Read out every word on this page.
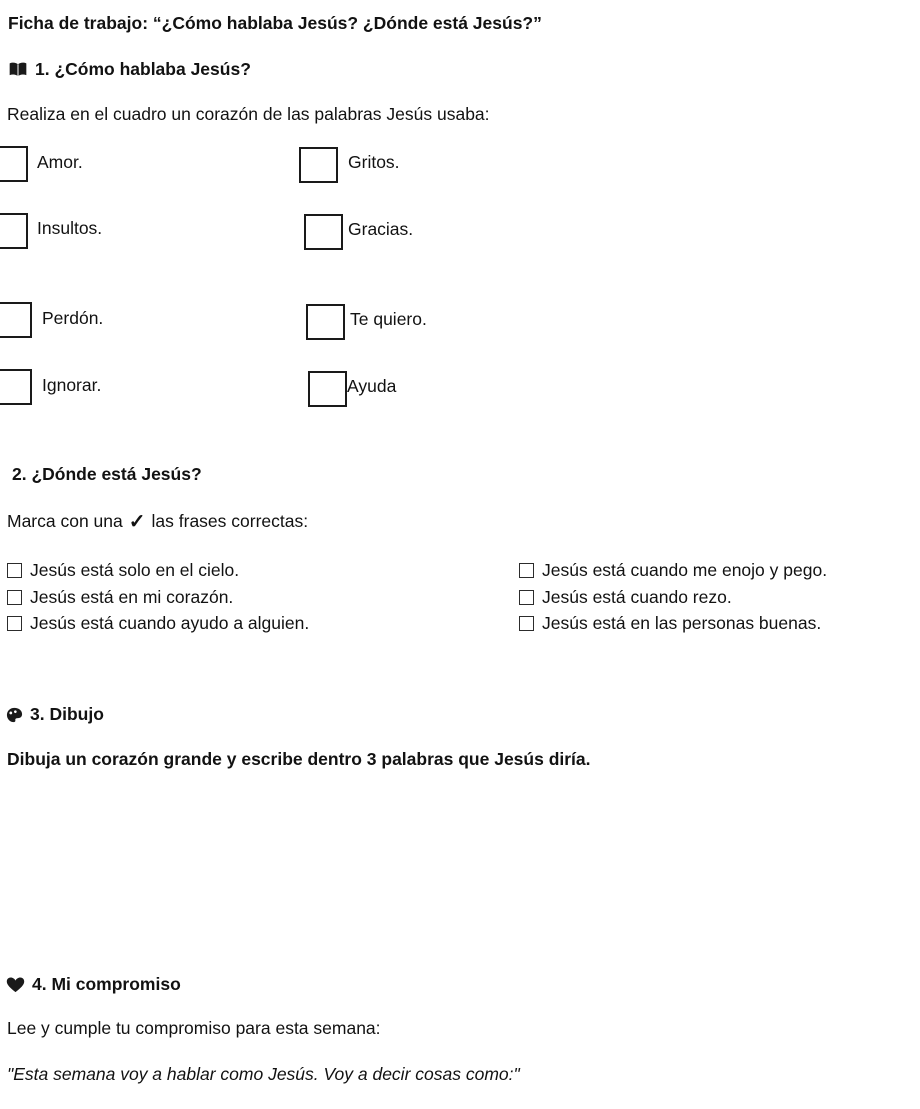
Ficha de trabajo: “¿Cómo hablaba Jesús? ¿Dónde está Jesús?”
1. ¿Cómo hablaba Jesús?
Realiza en el cuadro un corazón de las palabras Jesús usaba:
Amor.	Gritos.
Insultos.	Gracias.
Perdón.	Te quiero.
Ignorar.	Ayuda
2. ¿Dónde está Jesús?
Marca con una ✓ las frases correctas:
Jesús está solo en el cielo.
Jesús está en mi corazón.
Jesús está cuando ayudo a alguien.
Jesús está cuando me enojo y pego.
Jesús está cuando rezo.
Jesús está en las personas buenas.
3. Dibujo
Dibuja un corazón grande y escribe dentro 3 palabras que Jesús diría.
4. Mi compromiso
Lee y cumple tu compromiso para esta semana:
"Esta semana voy a hablar como Jesús. Voy a decir cosas como:"
